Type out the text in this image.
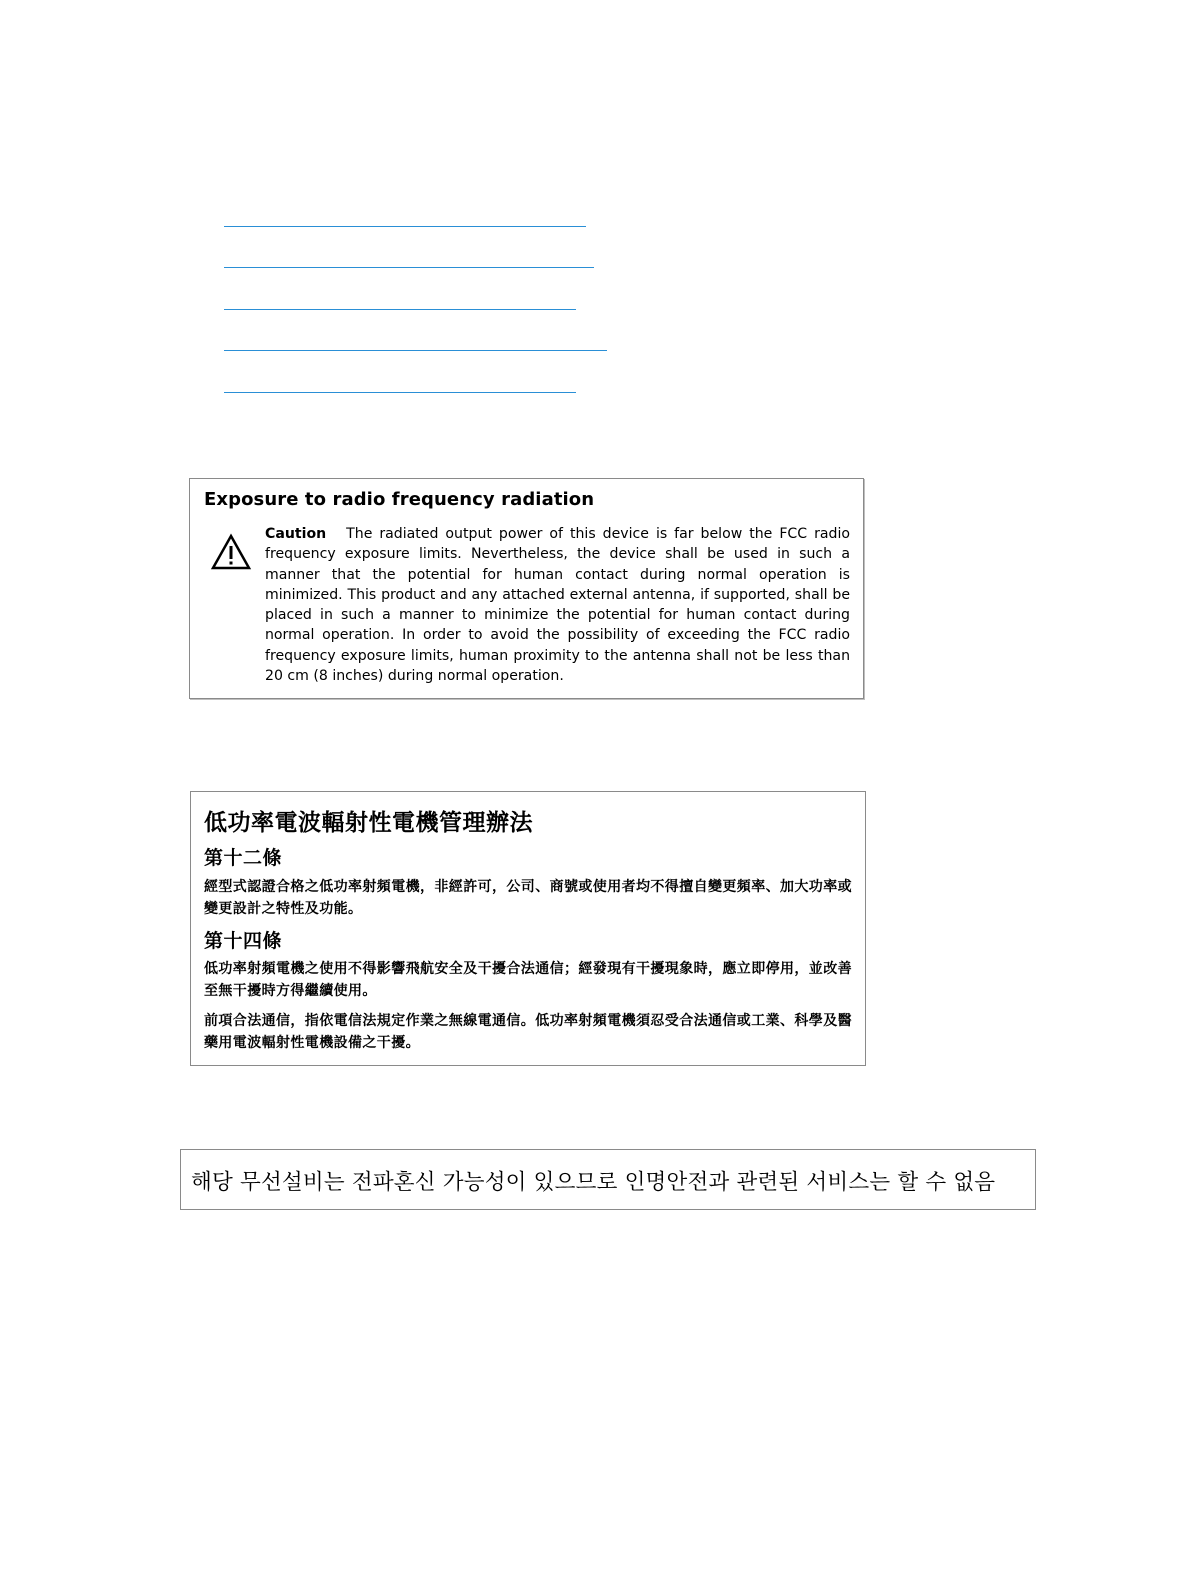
Exposure to radio frequency radiation
Caution The radiated output power of this device is far below the FCC radio frequency exposure limits. Nevertheless, the device shall be used in such a manner that the potential for human contact during normal operation is minimized. This product and any attached external antenna, if supported, shall be placed in such a manner to minimize the potential for human contact during normal operation. In order to avoid the possibility of exceeding the FCC radio frequency exposure limits, human proximity to the antenna shall not be less than 20 cm (8 inches) during normal operation.
低功率電波輻射性電機管理辦法
第十二條
經型式認證合格之低功率射頻電機，非經許可，公司、商號或使用者均不得擅自變更頻率、加大功率或變更設計之特性及功能。
第十四條
低功率射頻電機之使用不得影響飛航安全及干擾合法通信；經發現有干擾現象時，應立即停用，並改善至無干擾時方得繼續使用。
前項合法通信，指依電信法規定作業之無線電通信。低功率射頻電機須忍受合法通信或工業、科學及醫藥用電波輻射性電機設備之干擾。
해당 무선설비는 전파혼신 가능성이 있으므로 인명안전과 관련된 서비스는 할 수 없음
